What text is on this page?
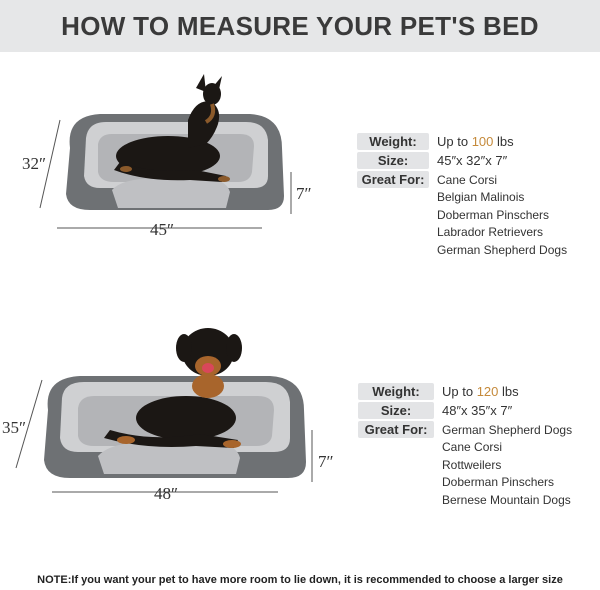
HOW TO MEASURE YOUR PET'S BED
32″
45″
7″
Weight:	Up to 100 lbs
Size:	45″x 32″x 7″
Great For:	Cane Corsi
Belgian Malinois
Doberman Pinschers
Labrador Retrievers
German Shepherd Dogs
35″
48″
7″
Weight:	Up to 120 lbs
Size:	48″x 35″x 7″
Great For:	German Shepherd Dogs
Cane Corsi
Rottweilers
Doberman Pinschers
Bernese Mountain Dogs
NOTE:If you want your pet to have more room to lie down, it is recommended to choose a larger size
